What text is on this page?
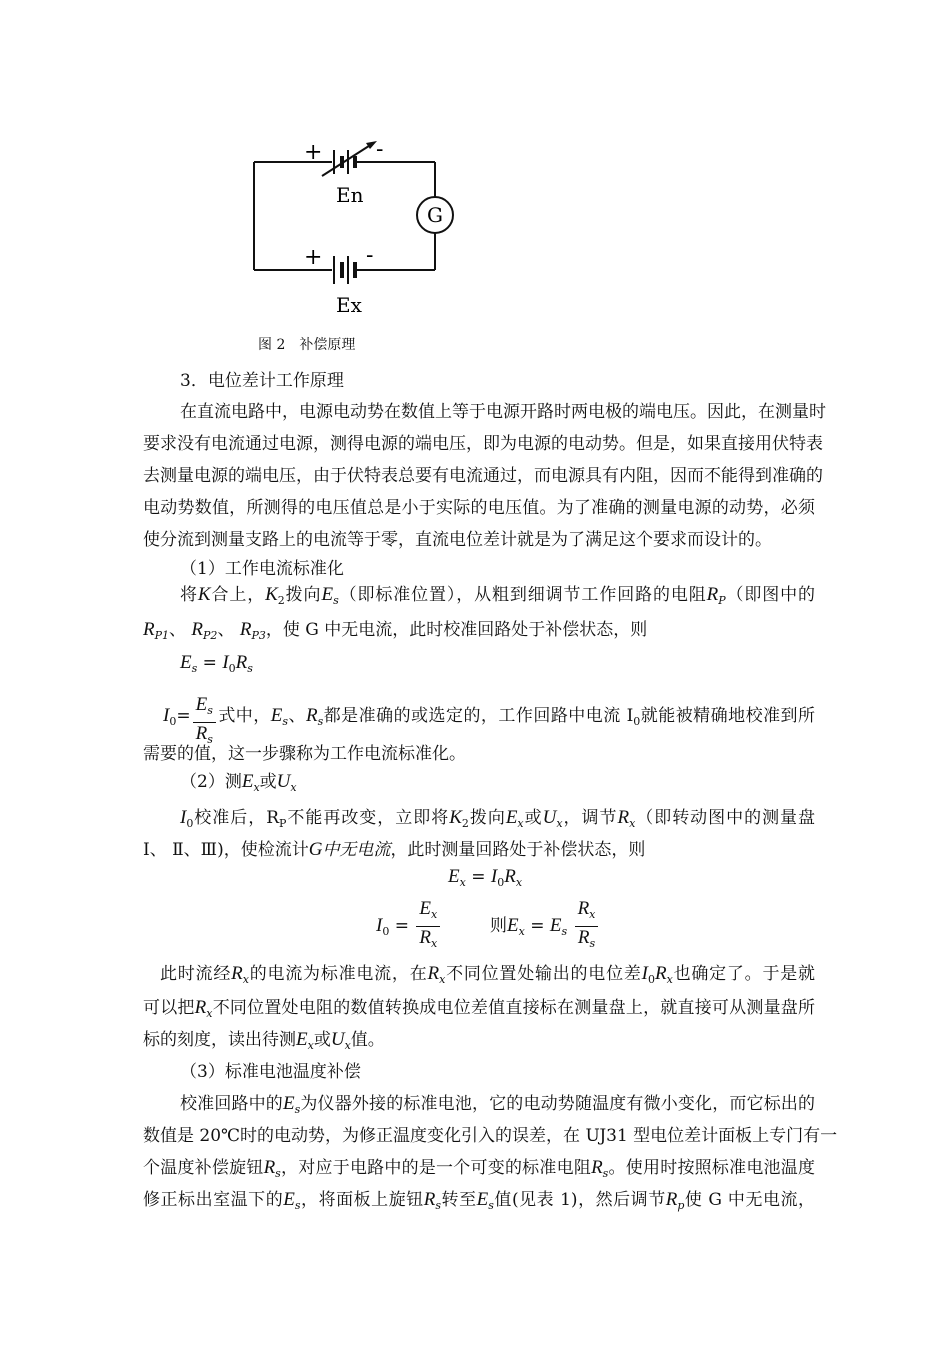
+ -
En
G
+ -
Ex
图 2　补偿原理
3．电位差计工作原理
在直流电路中，电源电动势在数值上等于电源开路时两电极的端电压。因此，在测量时
要求没有电流通过电源，测得电源的端电压，即为电源的电动势。但是，如果直接用伏特表
去测量电源的端电压，由于伏特表总要有电流通过，而电源具有内阻，因而不能得到准确的
电动势数值，所测得的电压值总是小于实际的电压值。为了准确的测量电源的动势，必须
使分流到测量支路上的电流等于零，直流电位差计就是为了满足这个要求而设计的。
（1）工作电流标准化
将K合上，$K_2$拨向$E_s$（即标准位置），从粗到细调节工作回路的电阻$R_P$（即图中的
$R_{P1}$、 $R_{P2}$、 $R_{P3}$，使 G 中无电流，此时校准回路处于补偿状态，则
$E_s = I_0R_s$
$I_0= \frac{E_s}{R_s}$ 式中，$E_s$、$R_s$都是准确的或选定的，工作回路中电流 $I_0$就能被精确地校准到所
需要的值，这一步骤称为工作电流标准化。
（2）测$E_x$或$U_x$
$I_0$校准后，$R_P$不能再改变，立即将$K_2$拨向$E_x$或$U_x$，调节$R_x$（即转动图中的测量盘
Ⅰ、 Ⅱ、Ⅲ)，使检流计G中无电流，此时测量回路处于补偿状态，则
$E_x = I_0R_x$
$I_0 = \frac{E_x}{R_x}$	则$E_x = E_s \frac{R_x}{R_s}$
此时流经$R_x$的电流为标准电流，在$R_x$不同位置处输出的电位差$I_0R_x$也确定了。于是就
可以把$R_x$不同位置处电阻的数值转换成电位差值直接标在测量盘上，就直接可从测量盘所
标的刻度，读出待测$E_x$或$U_x$值。
（3）标准电池温度补偿
校准回路中的$E_s$为仪器外接的标准电池，它的电动势随温度有微小变化，而它标出的
数值是 20℃时的电动势，为修正温度变化引入的误差，在 UJ31 型电位差计面板上专门有一
个温度补偿旋钮$R_s$，对应于电路中的是一个可变的标准电阻$R_s$。使用时按照标准电池温度
修正标出室温下的$E_s$，将面板上旋钮$R_s$转至$E_s$值(见表 1)，然后调节$R_p$使 G 中无电流，
